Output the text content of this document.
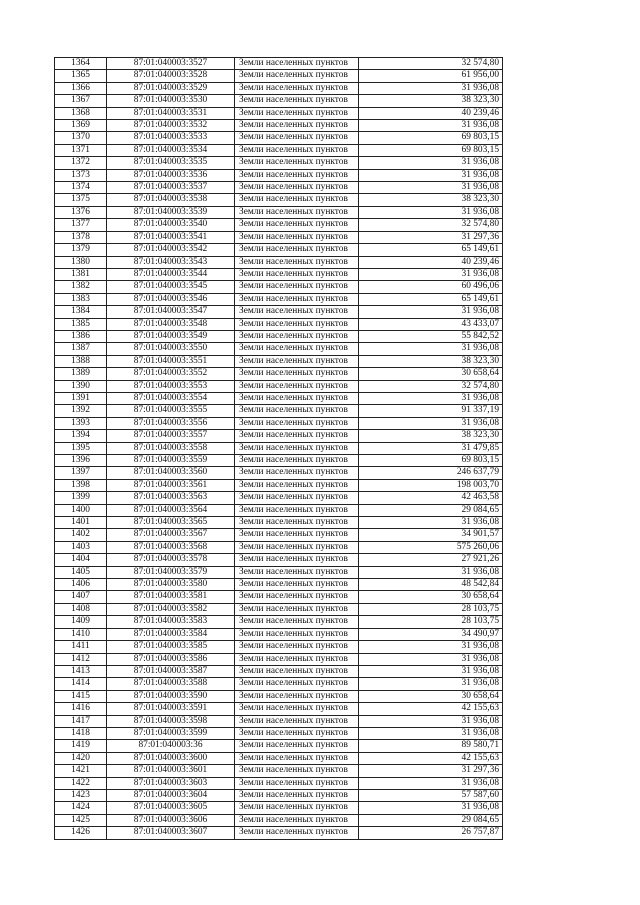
1364	87:01:040003:3527	Земли населенных пунктов	32 574,80
1365	87:01:040003:3528	Земли населенных пунктов	61 956,00
1366	87:01:040003:3529	Земли населенных пунктов	31 936,08
1367	87:01:040003:3530	Земли населенных пунктов	38 323,30
1368	87:01:040003:3531	Земли населенных пунктов	40 239,46
1369	87:01:040003:3532	Земли населенных пунктов	31 936,08
1370	87:01:040003:3533	Земли населенных пунктов	69 803,15
1371	87:01:040003:3534	Земли населенных пунктов	69 803,15
1372	87:01:040003:3535	Земли населенных пунктов	31 936,08
1373	87:01:040003:3536	Земли населенных пунктов	31 936,08
1374	87:01:040003:3537	Земли населенных пунктов	31 936,08
1375	87:01:040003:3538	Земли населенных пунктов	38 323,30
1376	87:01:040003:3539	Земли населенных пунктов	31 936,08
1377	87:01:040003:3540	Земли населенных пунктов	32 574,80
1378	87:01:040003:3541	Земли населенных пунктов	31 297,36
1379	87:01:040003:3542	Земли населенных пунктов	65 149,61
1380	87:01:040003:3543	Земли населенных пунктов	40 239,46
1381	87:01:040003:3544	Земли населенных пунктов	31 936,08
1382	87:01:040003:3545	Земли населенных пунктов	60 496,06
1383	87:01:040003:3546	Земли населенных пунктов	65 149,61
1384	87:01:040003:3547	Земли населенных пунктов	31 936,08
1385	87:01:040003:3548	Земли населенных пунктов	43 433,07
1386	87:01:040003:3549	Земли населенных пунктов	55 842,52
1387	87:01:040003:3550	Земли населенных пунктов	31 936,08
1388	87:01:040003:3551	Земли населенных пунктов	38 323,30
1389	87:01:040003:3552	Земли населенных пунктов	30 658,64
1390	87:01:040003:3553	Земли населенных пунктов	32 574,80
1391	87:01:040003:3554	Земли населенных пунктов	31 936,08
1392	87:01:040003:3555	Земли населенных пунктов	91 337,19
1393	87:01:040003:3556	Земли населенных пунктов	31 936,08
1394	87:01:040003:3557	Земли населенных пунктов	38 323,30
1395	87:01:040003:3558	Земли населенных пунктов	31 479,85
1396	87:01:040003:3559	Земли населенных пунктов	69 803,15
1397	87:01:040003:3560	Земли населенных пунктов	246 637,79
1398	87:01:040003:3561	Земли населенных пунктов	198 003,70
1399	87:01:040003:3563	Земли населенных пунктов	42 463,58
1400	87:01:040003:3564	Земли населенных пунктов	29 084,65
1401	87:01:040003:3565	Земли населенных пунктов	31 936,08
1402	87:01:040003:3567	Земли населенных пунктов	34 901,57
1403	87:01:040003:3568	Земли населенных пунктов	575 260,06
1404	87:01:040003:3578	Земли населенных пунктов	27 921,26
1405	87:01:040003:3579	Земли населенных пунктов	31 936,08
1406	87:01:040003:3580	Земли населенных пунктов	48 542,84
1407	87:01:040003:3581	Земли населенных пунктов	30 658,64
1408	87:01:040003:3582	Земли населенных пунктов	28 103,75
1409	87:01:040003:3583	Земли населенных пунктов	28 103,75
1410	87:01:040003:3584	Земли населенных пунктов	34 490,97
1411	87:01:040003:3585	Земли населенных пунктов	31 936,08
1412	87:01:040003:3586	Земли населенных пунктов	31 936,08
1413	87:01:040003:3587	Земли населенных пунктов	31 936,08
1414	87:01:040003:3588	Земли населенных пунктов	31 936,08
1415	87:01:040003:3590	Земли населенных пунктов	30 658,64
1416	87:01:040003:3591	Земли населенных пунктов	42 155,63
1417	87:01:040003:3598	Земли населенных пунктов	31 936,08
1418	87:01:040003:3599	Земли населенных пунктов	31 936,08
1419	87:01:040003:36	Земли населенных пунктов	89 580,71
1420	87:01:040003:3600	Земли населенных пунктов	42 155,63
1421	87:01:040003:3601	Земли населенных пунктов	31 297,36
1422	87:01:040003:3603	Земли населенных пунктов	31 936,08
1423	87:01:040003:3604	Земли населенных пунктов	57 587,60
1424	87:01:040003:3605	Земли населенных пунктов	31 936,08
1425	87:01:040003:3606	Земли населенных пунктов	29 084,65
1426	87:01:040003:3607	Земли населенных пунктов	26 757,87
